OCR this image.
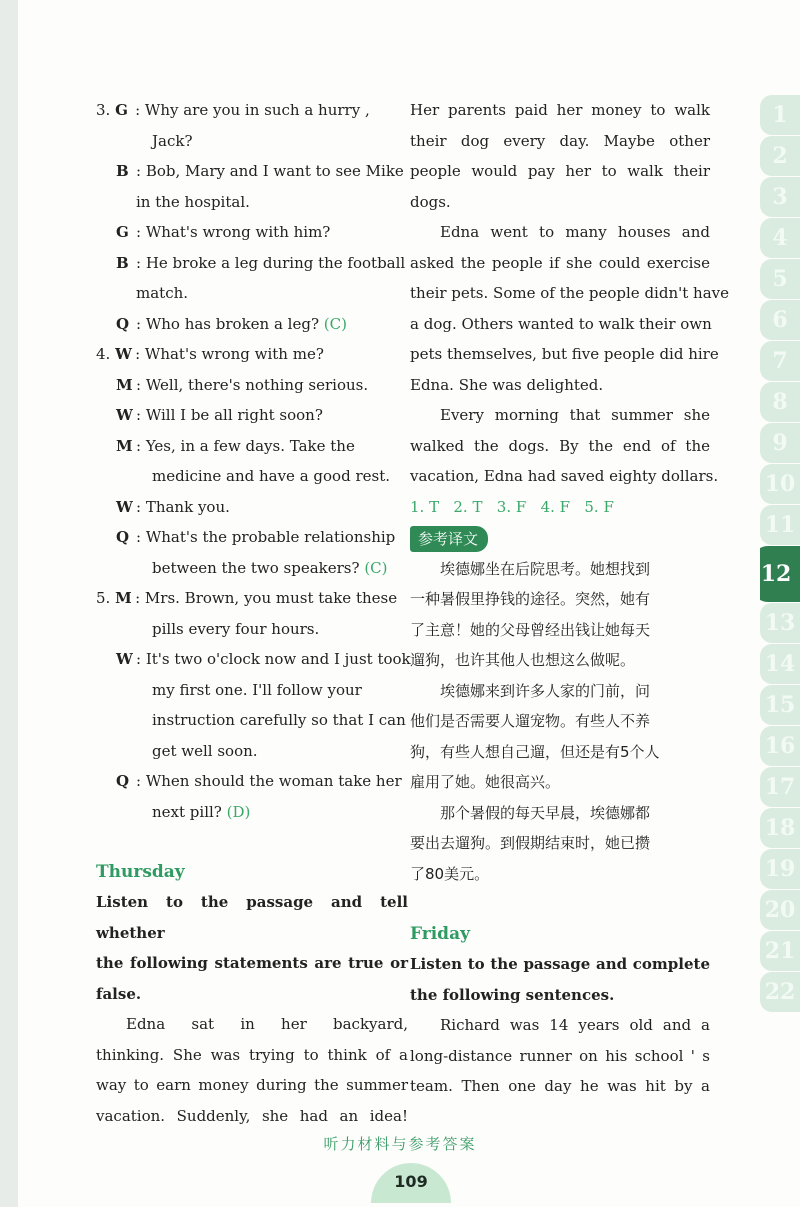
3. G : Why are you in such a hurry ,
Jack?
B : Bob, Mary and I want to see Mike
in the hospital.
G : What's wrong with him?
B : He broke a leg during the football
match.
Q : Who has broken a leg? (C)
4. W : What's wrong with me?
M : Well, there's nothing serious.
W : Will I be all right soon?
M : Yes, in a few days. Take the
medicine and have a good rest.
W : Thank you.
Q : What's the probable relationship
between the two speakers? (C)
5. M : Mrs. Brown, you must take these
pills every four hours.
W : It's two o'clock now and I just took
my first one. I'll follow your
instruction carefully so that I can
get well soon.
Q : When should the woman take her
next pill? (D)
Thursday
Listen to the passage and tell whether
the following statements are true or
false.
Edna sat in her backyard,
thinking. She was trying to think of a
way to earn money during the summer
vacation. Suddenly, she had an idea!
Her parents paid her money to walk
their dog every day. Maybe other
people would pay her to walk their
dogs.
Edna went to many houses and
asked the people if she could exercise
their pets. Some of the people didn't have
a dog. Others wanted to walk their own
pets themselves, but five people did hire
Edna. She was delighted.
Every morning that summer she
walked the dogs. By the end of the
vacation, Edna had saved eighty dollars.
1. T   2. T   3. F   4. F   5. F
参考译文
埃德娜坐在后院思考。她想找到
一种暑假里挣钱的途径。突然，她有
了主意！她的父母曾经出钱让她每天
遛狗，也许其他人也想这么做呢。
埃德娜来到许多人家的门前，问
他们是否需要人遛宠物。有些人不养
狗，有些人想自己遛，但还是有5个人
雇用了她。她很高兴。
那个暑假的每天早晨，埃德娜都
要出去遛狗。到假期结束时，她已攒
了80美元。
Friday
Listen to the passage and complete
the following sentences.
Richard was 14 years old and a
long-distance runner on his school ' s
team. Then one day he was hit by a
1
2
3
4
5
6
7
8
9
10
11
12
13
14
15
16
17
18
19
20
21
22
听力材料与参考答案
109
